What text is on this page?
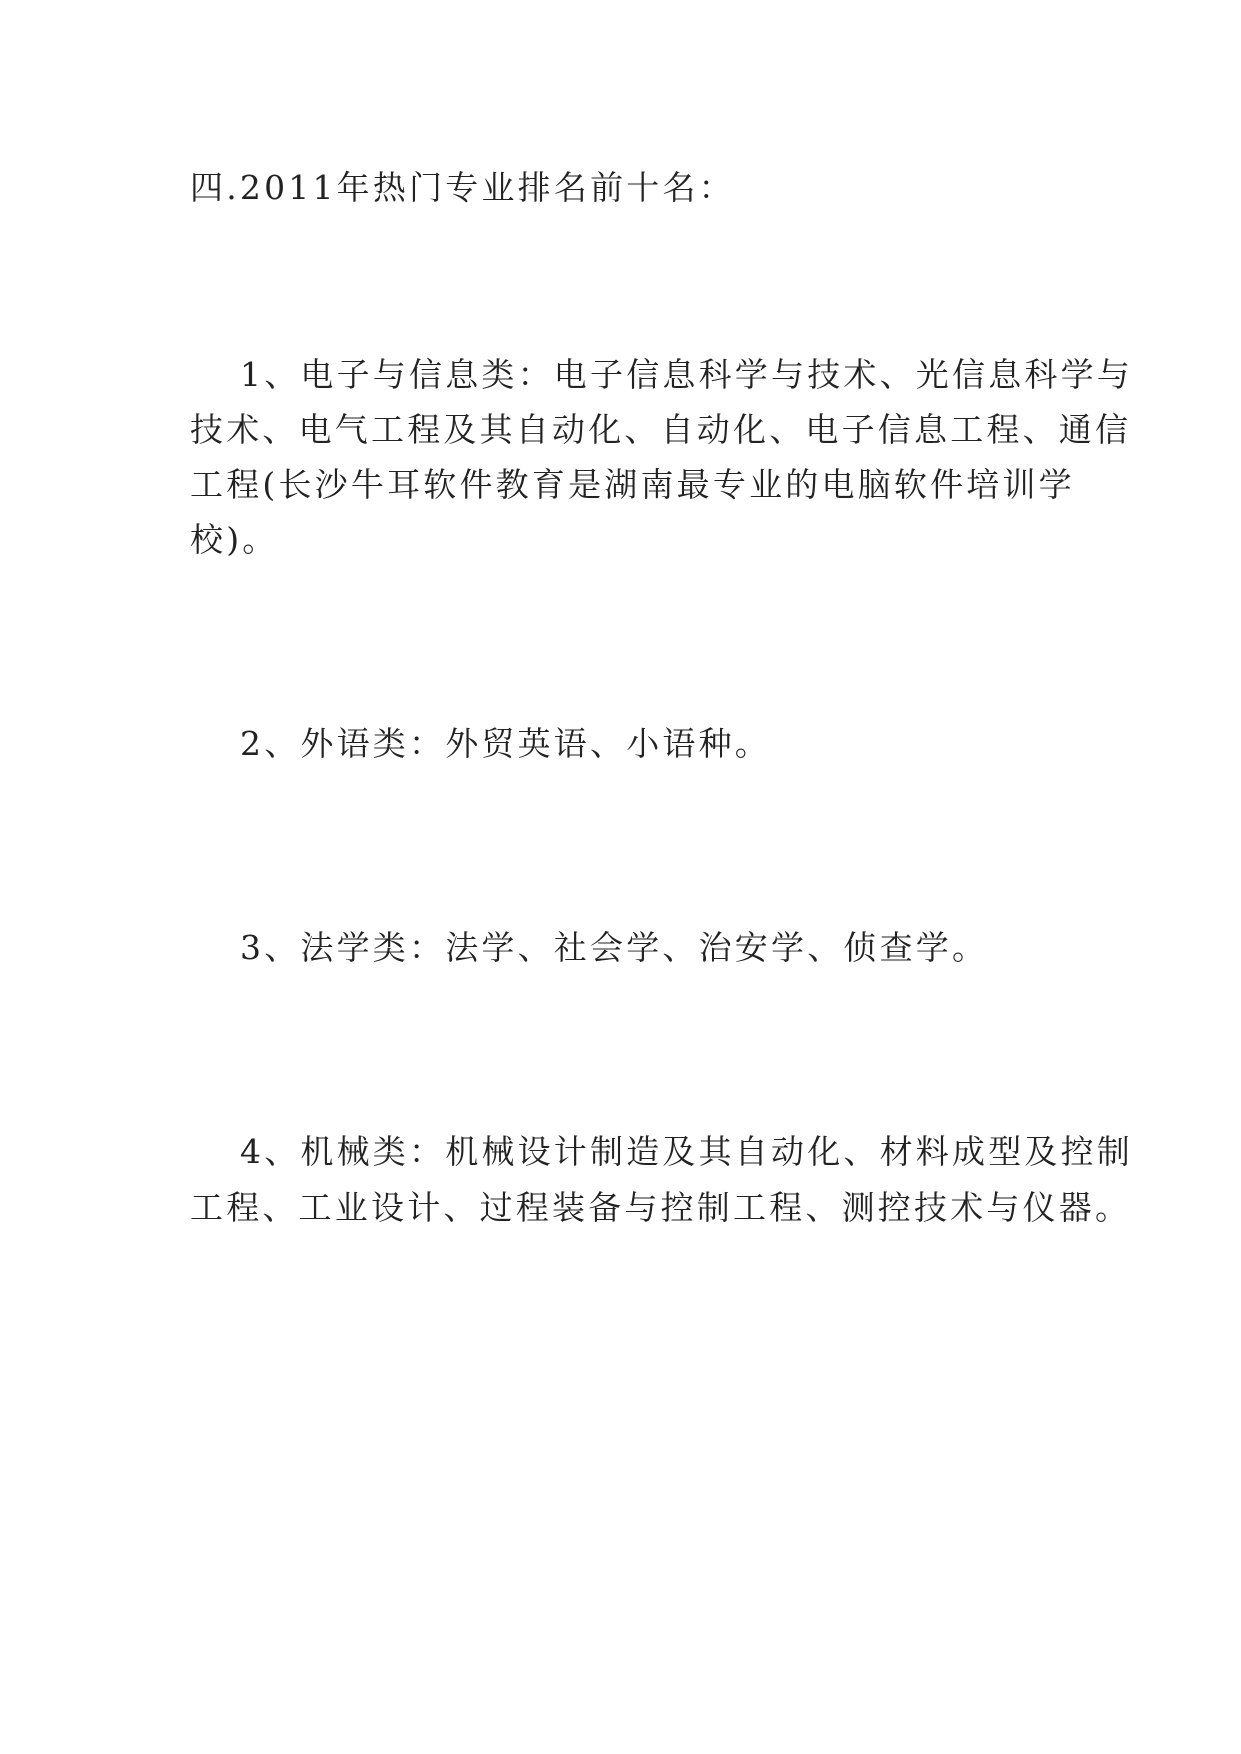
四.2011年热门专业排名前十名：
1、电子与信息类：电子信息科学与技术、光信息科学与
技术、电气工程及其自动化、自动化、电子信息工程、通信
工程(长沙牛耳软件教育是湖南最专业的电脑软件培训学
校)。
2、外语类：外贸英语、小语种。
3、法学类：法学、社会学、治安学、侦查学。
4、机械类：机械设计制造及其自动化、材料成型及控制
工程、工业设计、过程装备与控制工程、测控技术与仪器。
